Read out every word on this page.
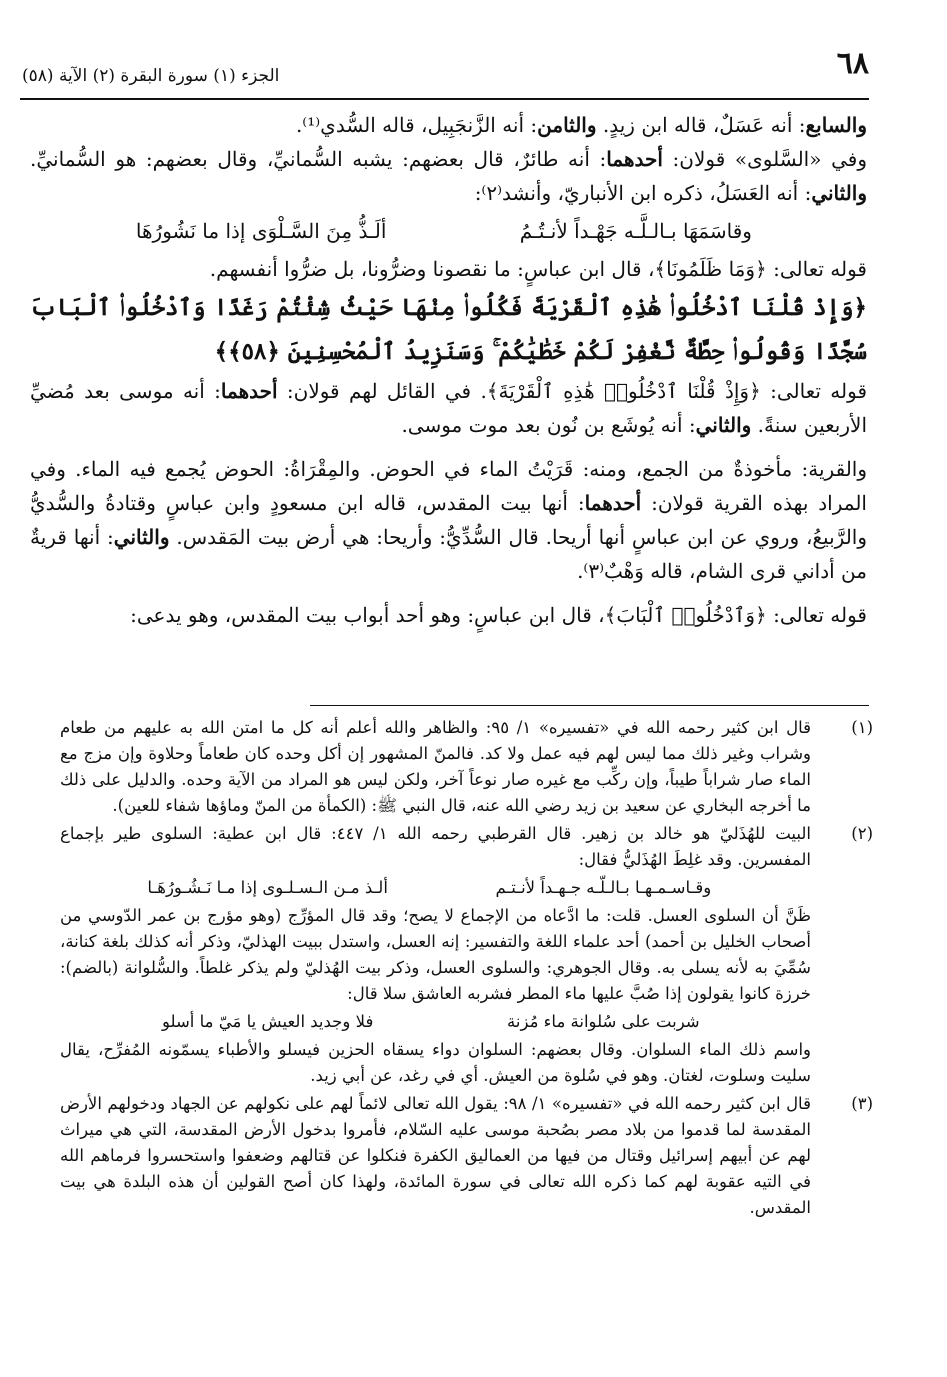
٦٨
الجزء (١) سورة البقرة (٢) الآية (٥٨)

والسابع: أنه عَسَلٌ، قاله ابن زيدٍ. والثامن: أنه الزَّنجَبِيل، قاله السُّدي⁽¹⁾.

وفي «السَّلوى» قولان: أحدهما: أنه طائرٌ، قال بعضهم: يشبه السُّمانيِّ، وقال بعضهم: هو السُّمانيِّ. والثاني: أنه العَسَلُ، ذكره ابن الأنباريّ، وأنشد⁽٢⁾:

وقاسَمَهَا بـالـلَّـه جَهْـداً لأنـتُـمُ ألَـذُّ مِنَ السَّـلْوَى إذا ما نَشُورُهَا

قوله تعالى: ﴿وَمَا ظَلَمُونَا﴾، قال ابن عباسٍ: ما نقصونا وضرُّونا، بل ضرُّوا أنفسهم.

﴿وَإِذْ قُلْنَا ٱدْخُلُوا۟ هَٰذِهِ ٱلْقَرْيَةَ فَكُلُوا۟ مِنْهَا حَيْثُ شِئْتُمْ رَغَدًا وَٱدْخُلُوا۟ ٱلْبَابَ سُجَّدًا وَقُولُوا۟ حِطَّةٌ نَّغْفِرْ لَكُمْ خَطَٰيَٰكُمْ ۚ وَسَنَزِيدُ ٱلْمُحْسِنِينَ ﴿٥٨﴾﴾

قوله تعالى: ﴿وَإِذْ قُلْنَا ٱدْخُلُوا۟ هَٰذِهِ ٱلْقَرْيَةَ﴾. في القائل لهم قولان: أحدهما: أنه موسى بعد مُضيِّ الأربعين سنةً. والثاني: أنه يُوشَع بن نُون بعد موت موسى.

والقرية: مأخوذةٌ من الجمع، ومنه: قَرَيْتُ الماء في الحوض. والمِقْرَاةُ: الحوض يُجمع فيه الماء. وفي المراد بهذه القرية قولان: أحدهما: أنها بيت المقدس، قاله ابن مسعودٍ وابن عباسٍ وقتادةُ والسُّديُّ والرَّبيعُ، وروي عن ابن عباسٍ أنها أريحا. قال السُّدِّيُّ: وأريحا: هي أرض بيت المَقدس. والثاني: أنها قريةٌ من أداني قرى الشام، قاله وَهْبٌ⁽٣⁾.

قوله تعالى: ﴿وَٱدْخُلُوا۟ ٱلْبَابَ﴾، قال ابن عباسٍ: وهو أحد أبواب بيت المقدس، وهو يدعى:

(١)

قال ابن كثير رحمه الله في «تفسيره» ١/ ٩٥: والظاهر والله أعلم أنه كل ما امتن الله به عليهم من طعام وشراب وغير ذلك مما ليس لهم فيه عمل ولا كد. فالمنّ المشهور إن أكل وحده كان طعاماً وحلاوة وإن مزج مع الماء صار شراباً طيباً، وإن ركِّب مع غيره صار نوعاً آخر، ولكن ليس هو المراد من الآية وحده. والدليل على ذلك ما أخرجه البخاري عن سعيد بن زيد رضي الله عنه، قال النبي ﷺ: (الكمأة من المنّ وماؤها شفاء للعين).

(٢)

البيت للهُذَليّ هو خالد بن زهير. قال القرطبي رحمه الله ١/ ٤٤٧: قال ابن عطية: السلوى طير بإجماع المفسرين. وقد غلِطَ الهُذَليُّ فقال:

وقـاسـمـهـا بـالـلّـه جـهـداً لأنـتـم ألـذ مـن الـسـلـوى إذا مـا نَـشُـورُهَـا

ظَنَّ أن السلوى العسل. قلت: ما ادَّعاه من الإجماع لا يصح؛ وقد قال المؤرِّج (وهو مؤرج بن عمر الدّوسي من أصحاب الخليل بن أحمد) أحد علماء اللغة والتفسير: إنه العسل، واستدل ببيت الهذليّ، وذكر أنه كذلك بلغة كنانة، سُمِّيَ به لأنه يسلى به. وقال الجوهري: والسلوى العسل، وذكر بيت الهُذليّ ولم يذكر غلطاً. والسُّلوانة (بالضم): خرزة كانوا يقولون إذا صُبَّ عليها ماء المطر فشربه العاشق سلا قال:

شربت على سُلوانة ماء مُزنة فلا وجديد العيش يا مَيّ ما أسلو

واسم ذلك الماء السلوان. وقال بعضهم: السلوان دواء يسقاه الحزين فيسلو والأطباء يسمّونه المُفرِّح، يقال سليت وسلوت، لغتان. وهو في سُلوة من العيش. أي في رغد، عن أبي زيد.

(٣)

قال ابن كثير رحمه الله في «تفسيره» ١/ ٩٨: يقول الله تعالى لائماً لهم على نكولهم عن الجهاد ودخولهم الأرض المقدسة لما قدموا من بلاد مصر بصُحبة موسى عليه السّلام، فأمروا بدخول الأرض المقدسة، التي هي ميراث لهم عن أبيهم إسرائيل وقتال من فيها من العماليق الكفرة فنكلوا عن قتالهم وضعفوا واستحسروا فرماهم الله في التيه عقوبة لهم كما ذكره الله تعالى في سورة المائدة، ولهذا كان أصح القولين أن هذه البلدة هي بيت المقدس.
